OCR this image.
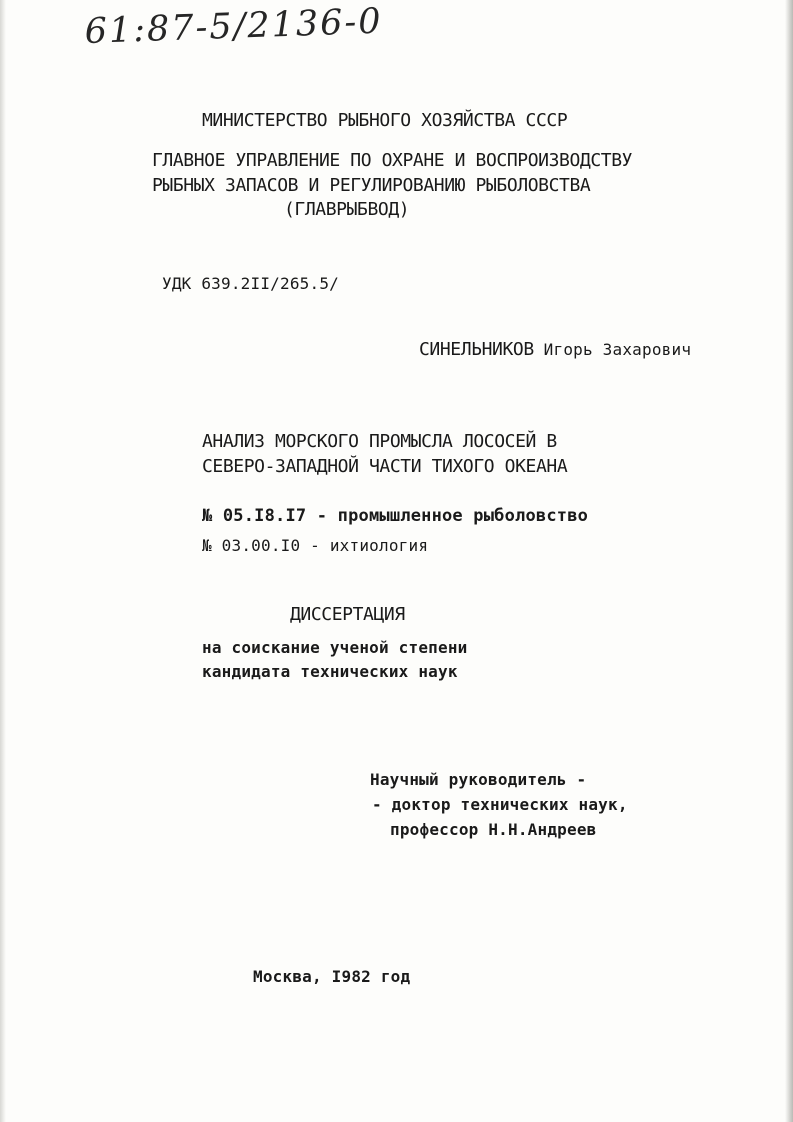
61:87-5/2136-0

МИНИСТЕРСТВО РЫБНОГО ХОЗЯЙСТВА СССР

ГЛАВНОЕ УПРАВЛЕНИЕ ПО ОХРАНЕ И ВОСПРОИЗВОДСТВУ

РЫБНЫХ ЗАПАСОВ И РЕГУЛИРОВАНИЮ РЫБОЛОВСТВА

(ГЛАВРЫБВОД)

УДК 639.2II/265.5/

СИНЕЛЬНИКОВ Игорь Захарович

АНАЛИЗ МОРСКОГО ПРОМЫСЛА ЛОСОСЕЙ В

СЕВЕРО-ЗАПАДНОЙ ЧАСТИ ТИХОГО ОКЕАНА

№ 05.I8.I7 - промышленное рыболовство

№ 03.00.I0 - ихтиология

ДИССЕРТАЦИЯ

на соискание ученой степени

кандидата технических наук

Научный руководитель -

- доктор технических наук,

профессор Н.Н.Андреев

Москва, I982 год
